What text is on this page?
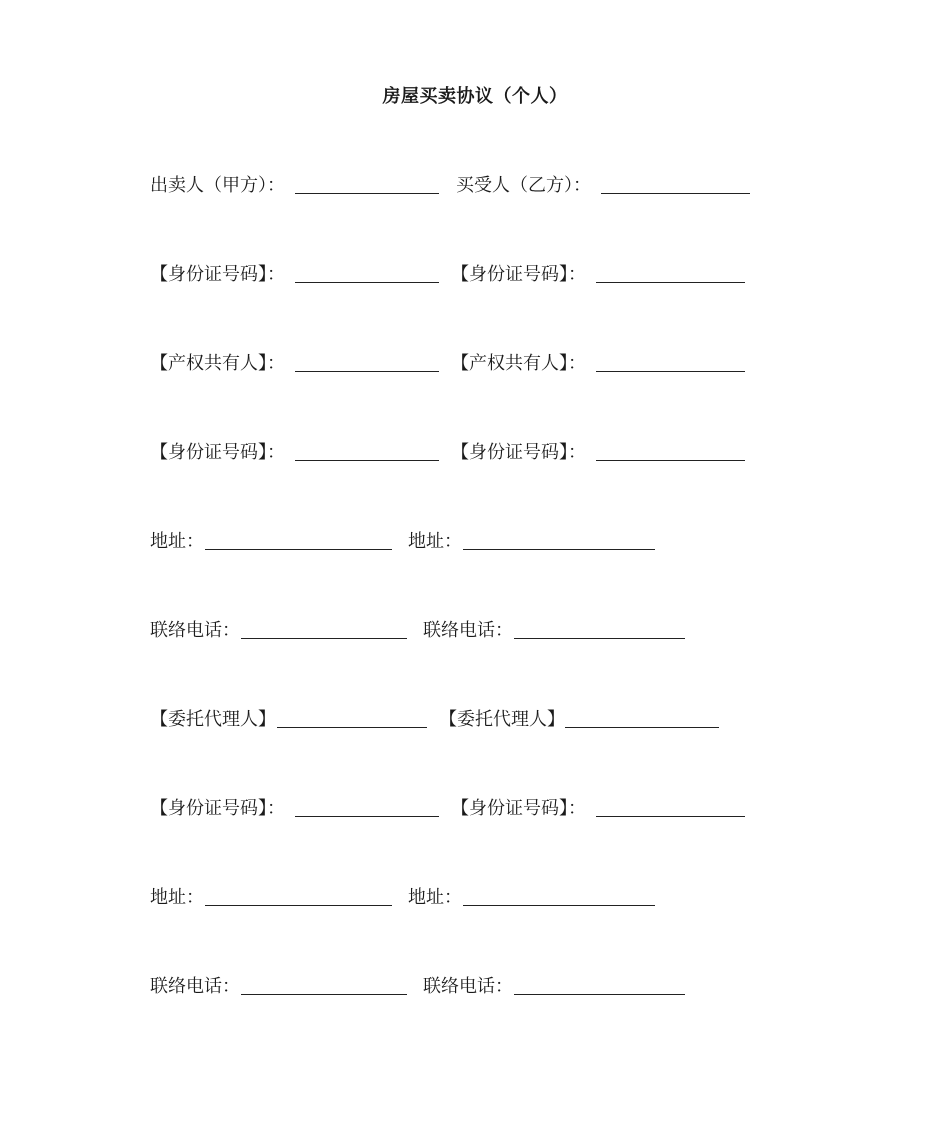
房屋买卖协议（个人）
出卖人（甲方）：	买受人（乙方）：
【身份证号码】：	【身份证号码】：
【产权共有人】：	【产权共有人】：
【身份证号码】：	【身份证号码】：
地址：	地址：
联络电话：	联络电话：
【委托代理人】	【委托代理人】
【身份证号码】：	【身份证号码】：
地址：	地址：
联络电话：	联络电话：
